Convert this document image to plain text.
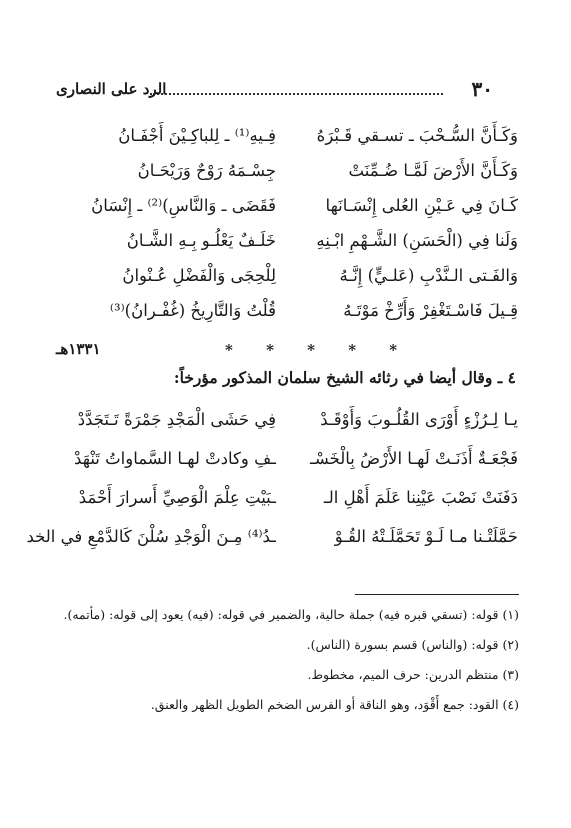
٣٠
الرد على النصارى
وَكَـأَنَّ السُّـحْبَ ـ تسـقي قَـبْرَهُ
فِـيهِ⁽¹⁾ ـ لِلباكِـيْنَ أَجْفَـانُ
وَكَـأَنَّ الأَرْضَ لَمَّـا ضُـمِّنَتْ
جِسْـمَهُ رَوْحٌ وَرَيْحَـانُ
كَـانَ فِي عَـيْنِ العُلى إِنْسَـانَها
فَقَضَى ـ وَالنَّاسِ)⁽²⁾ ـ إِنْسَانُ
وَلَنا فِي (الْحَسَنِ) الشَّـهْمِ ابْـنِهِ
خَلَـفٌ يَعْلُـو بِـهِ الشَّـانُ
وَالفَـتى الـنَّدْبِ (عَلـيٍّ) إِنَّـهُ
لِلْحِجَى وَالْفَضْلِ عُـنْوانُ
قِـيلَ فَاسْـتَغْفِرْ وَأَرِّخْ مَوْتَـهُ
قُلْتُ وَالتَّارِيخُ (غُفْـرانُ)⁽³⁾
* * * * *
١٣٣١هـ
٤ ـ وقال أيضا في رثائه الشيخ سلمان المذكور مؤرخاً:
يـا لِـرُزْءٍ أَوْرَى القُلُـوبَ وَأَوْقَـدْ
فِي حَشَى الْمَجْدِ جَمْرَةً تَـتَجَدَّدْ
فَجْعَـةٌ أَذَنَـتْ لَهـا الأَرْضُ بِالْخَسْـ
ـفِ وكادتْ لهـا السَّماواتُ تَنْهَدْ
دَفَنَتْ نَصْبَ عَيْنِنا عَلَمَ أَهْلِ الـ
ـبَيْتِ عِلْمَ الْوَصِيِّ أَسرارَ أَحْمَدْ
حَمَّلَتْـنا مـا لَـوْ تَحَمَّلَـتْهُ القُـوْ
ـدُ⁽⁴⁾ مِـنَ الْوَجْدِ سُلْنَ كَالدَّمْعِ في الخد

(١) قوله: (تسقي قبره فيه) جملة حالية، والضمير في قوله: (فيه) يعود إلى قوله: (مأتمه).

(٢) قوله: (والناس) قسم بسورة (الناس).

(٣) منتظم الدرين: حرف الميم، مخطوط.

(٤) القود: جمع أَقْوَد، وهو الناقة أو الفرس الضخم الطويل الظهر والعنق.
